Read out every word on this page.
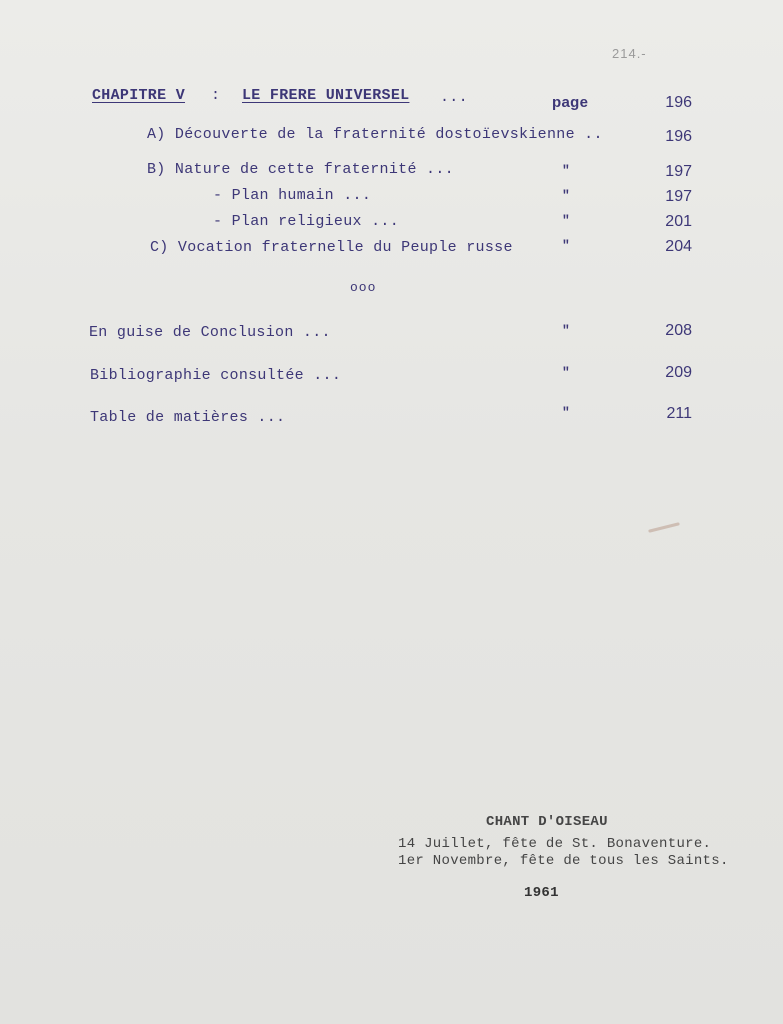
214.-
CHAPITRE V : LE FRERE UNIVERSEL ...	page	196
A) Découverte de la fraternité dostoïevskienne ..	196
B) Nature de cette fraternité ...	"	197
- Plan humain ...	"	197
- Plan religieux ...	"	201
C) Vocation fraternelle du Peuple russe	"	204
ooo
En guise de Conclusion ...	"	208
Bibliographie consultée ...	"	209
Table de matières ...	"	211
CHANT D'OISEAU
14 Juillet, fête de St. Bonaventure.
1er Novembre, fête de tous les Saints.
1961
